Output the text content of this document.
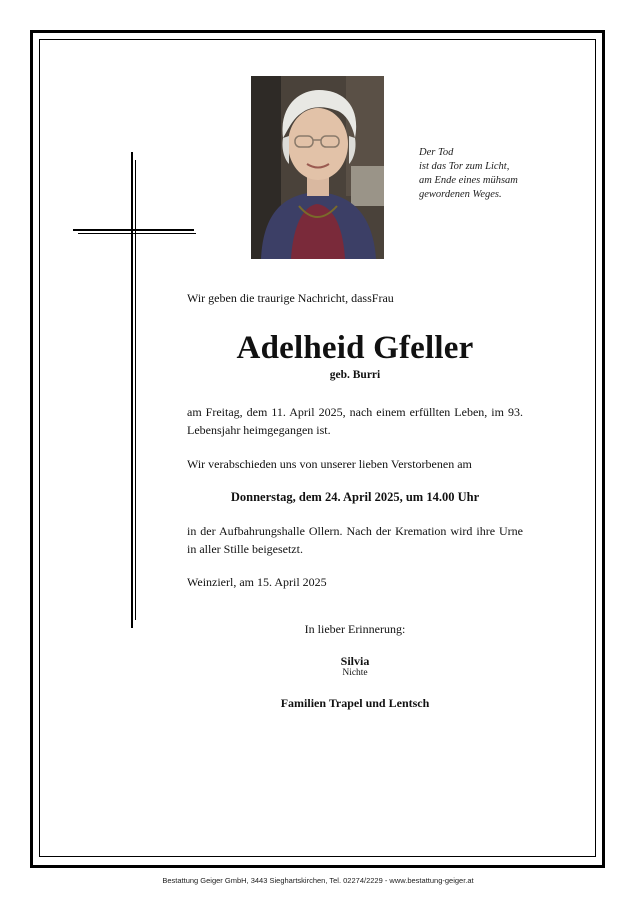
Der Tod
ist das Tor zum Licht,
am Ende eines mühsam
gewordenen Weges.
Wir geben die traurige Nachricht, dassFrau
Adelheid Gfeller
geb. Burri
am Freitag, dem 11. April 2025, nach einem erfüllten Leben, im 93. Lebensjahr heimgegangen ist.
Wir verabschieden uns von unserer lieben Verstorbenen am
Donnerstag, dem 24. April 2025, um 14.00 Uhr
in der Aufbahrungshalle Ollern. Nach der Kremation wird ihre Urne in aller Stille beigesetzt.
Weinzierl, am 15. April 2025
In lieber Erinnerung:
Silvia
Nichte
Familien Trapel und Lentsch
Bestattung Geiger GmbH, 3443 Sieghartskirchen, Tel. 02274/2229 - www.bestattung-geiger.at
